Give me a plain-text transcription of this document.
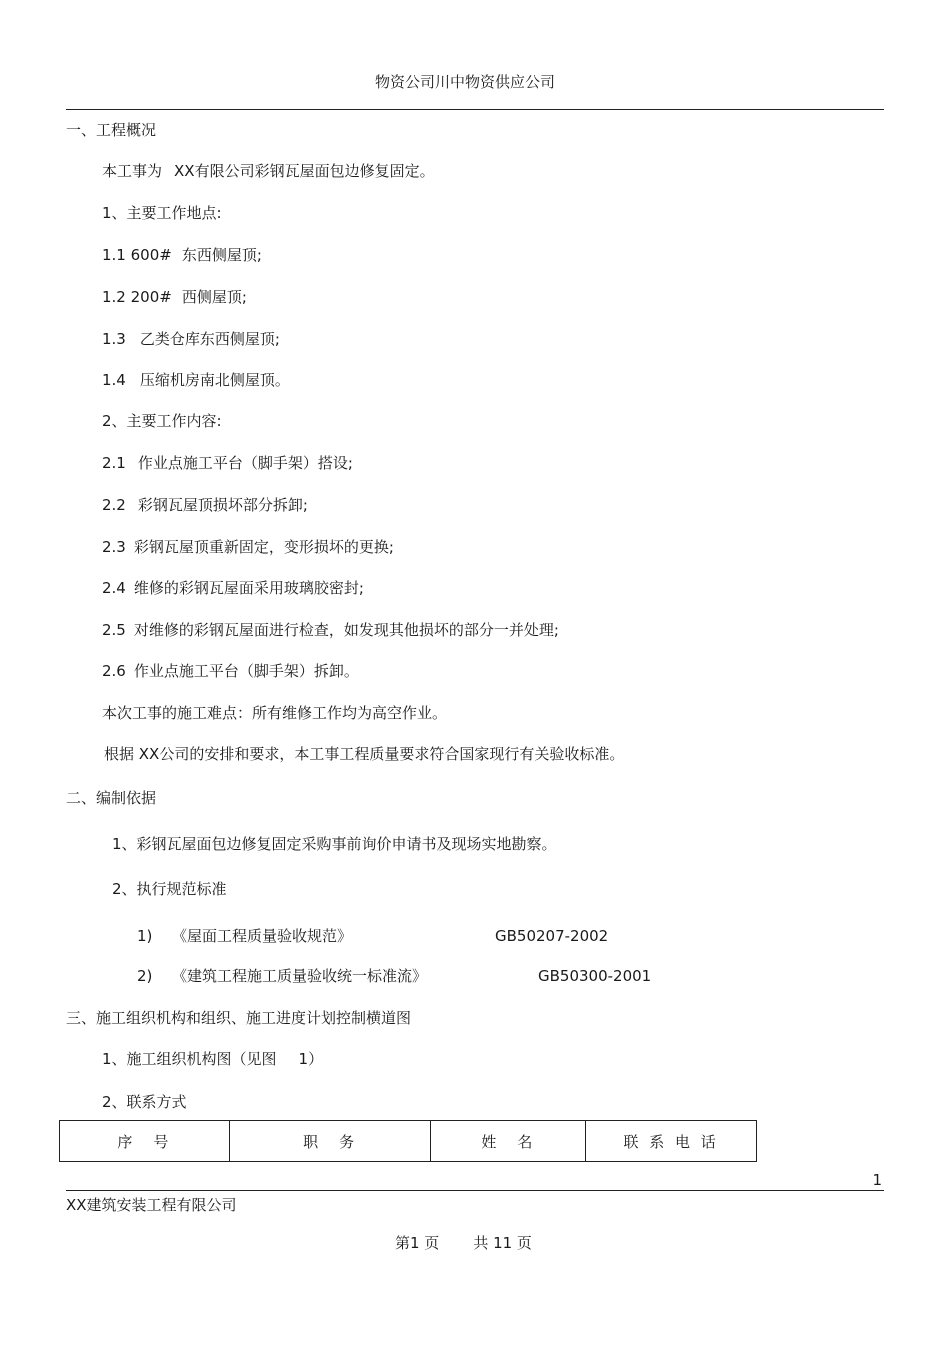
物资公司川中物资供应公司
一、工程概况
本工事为 XX有限公司彩钢瓦屋面包边修复固定。
1、主要工作地点:
1.1 600# 东西侧屋顶;
1.2 200# 西侧屋顶;
1.3 乙类仓库东西侧屋顶;
1.4 压缩机房南北侧屋顶。
2、主要工作内容:
2.1 作业点施工平台（脚手架）搭设;
2.2 彩钢瓦屋顶损坏部分拆卸;
2.3 彩钢瓦屋顶重新固定，变形损坏的更换;
2.4 维修的彩钢瓦屋面采用玻璃胶密封;
2.5 对维修的彩钢瓦屋面进行检查，如发现其他损坏的部分一并处理;
2.6 作业点施工平台（脚手架）拆卸。
本次工事的施工难点：所有维修工作均为高空作业。
根据 XX公司的安排和要求，本工事工程质量要求符合国家现行有关验收标准。
二、编制依据
1、彩钢瓦屋面包边修复固定采购事前询价申请书及现场实地勘察。
2、执行规范标准
1) 《屋面工程质量验收规范》	GB50207-2002
2) 《建筑工程施工质量验收统一标准流》	GB50300-2001
三、施工组织机构和组织、施工进度计划控制横道图
1、施工组织机构图（见图 1）
2、联系方式
序　号	职　务	姓　名	联 系 电 话
1
XX建筑安装工程有限公司
第1 页 共 11 页
